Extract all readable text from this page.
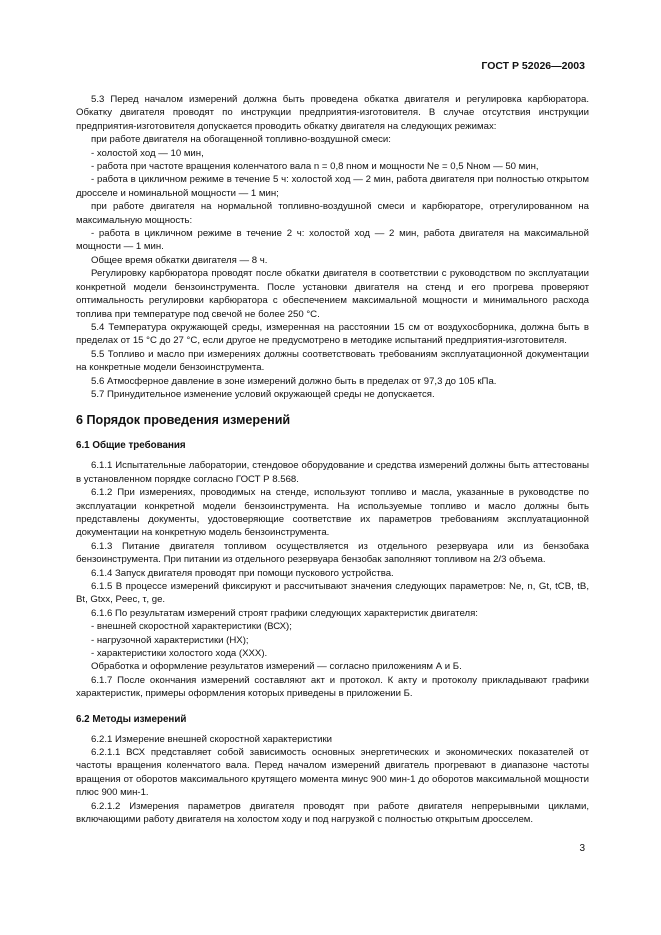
ГОСТ Р 52026—2003

5.3 Перед началом измерений должна быть проведена обкатка двигателя и регулировка карбюратора. Обкатку двигателя проводят по инструкции предприятия-изготовителя. В случае отсутствия инструкции предприятия-изготовителя допускается проводить обкатку двигателя на следующих режимах:

при работе двигателя на обогащенной топливно-воздушной смеси:

- холостой ход — 10 мин,

- работа при частоте вращения коленчатого вала n = 0,8 nном и мощности Ne = 0,5 Nном — 50 мин,

- работа в цикличном режиме в течение 5 ч: холостой ход — 2 мин, работа двигателя при полностью открытом дросселе и номинальной мощности — 1 мин;

при работе двигателя на нормальной топливно-воздушной смеси и карбюраторе, отрегулированном на максимальную мощность:

- работа в цикличном режиме в течение 2 ч: холостой ход — 2 мин, работа двигателя на максимальной мощности — 1 мин.

Общее время обкатки двигателя — 8 ч.

Регулировку карбюратора проводят после обкатки двигателя в соответствии с руководством по эксплуатации конкретной модели бензоинструмента. После установки двигателя на стенд и его прогрева проверяют оптимальность регулировки карбюратора с обеспечением максимальной мощности и минимального расхода топлива при температуре под свечой не более 250 °С.

5.4 Температура окружающей среды, измеренная на расстоянии 15 см от воздухосборника, должна быть в пределах от 15 °С до 27 °С, если другое не предусмотрено в методике испытаний предприятия-изготовителя.

5.5 Топливо и масло при измерениях должны соответствовать требованиям эксплуатационной документации на конкретные модели бензоинструмента.

5.6 Атмосферное давление в зоне измерений должно быть в пределах от 97,3 до 105 кПа.

5.7 Принудительное изменение условий окружающей среды не допускается.

6 Порядок проведения измерений
6.1 Общие требования

6.1.1 Испытательные лаборатории, стендовое оборудование и средства измерений должны быть аттестованы в установленном порядке согласно ГОСТ Р 8.568.

6.1.2 При измерениях, проводимых на стенде, используют топливо и масла, указанные в руководстве по эксплуатации конкретной модели бензоинструмента. На используемые топливо и масло должны быть представлены документы, удостоверяющие соответствие их параметров требованиям эксплуатационной документации на конкретную модель бензоинструмента.

6.1.3 Питание двигателя топливом осуществляется из отдельного резервуара или из бензобака бензоинструмента. При питании из отдельного резервуара бензобак заполняют топливом на 2/3 объема.

6.1.4 Запуск двигателя проводят при помощи пускового устройства.

6.1.5 В процессе измерений фиксируют и рассчитывают значения следующих параметров: Ne, n, Gt, tCB, tB, Bt, Gtxx, Peec, τ, ge.

6.1.6 По результатам измерений строят графики следующих характеристик двигателя:

- внешней скоростной характеристики (ВСХ);

- нагрузочной характеристики (НХ);

- характеристики холостого хода (ХХХ).

Обработка и оформление результатов измерений — согласно приложениям А и Б.

6.1.7 После окончания измерений составляют акт и протокол. К акту и протоколу прикладывают графики характеристик, примеры оформления которых приведены в приложении Б.

6.2 Методы измерений

6.2.1 Измерение внешней скоростной характеристики

6.2.1.1 ВСХ представляет собой зависимость основных энергетических и экономических показателей от частоты вращения коленчатого вала. Перед началом измерений двигатель прогревают в диапазоне частоты вращения от оборотов максимального крутящего момента минус 900 мин-1 до оборотов максимальной мощности плюс 900 мин-1.

6.2.1.2 Измерения параметров двигателя проводят при работе двигателя непрерывными циклами, включающими работу двигателя на холостом ходу и под нагрузкой с полностью открытым дросселем.

3
